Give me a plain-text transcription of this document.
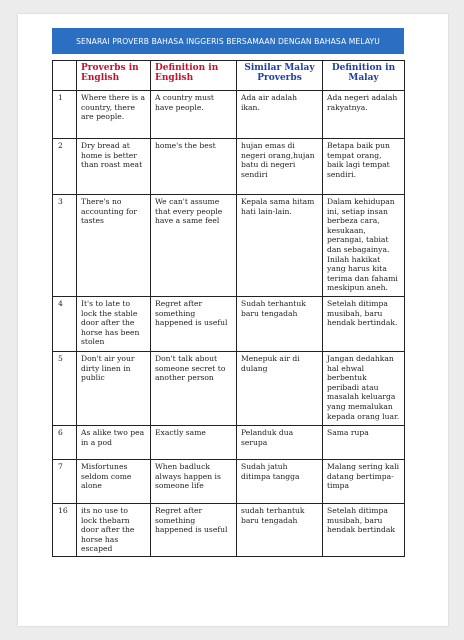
SENARAI PROVERB BAHASA INGGERIS BERSAMAAN DENGAN BAHASA MELAYU
	Proverbs in English	Definition in English	Similar Malay Proverbs	Definition in Malay
1	Where there is a country, there are people.	A country must have people.	Ada air adalah ikan.	Ada negeri adalah rakyatnya.
2	Dry bread at home is better than roast meat	home's the best	hujan emas di negeri orang,hujan batu di negeri sendiri	Betapa baik pun tempat orang, baik lagi tempat sendiri.
3	There's no accounting for tastes	We can't assume that every people have a same feel	Kepala sama hitam hati lain-lain.	Dalam kehidupan ini, setiap insan berbeza cara, kesukaan, perangai, tabiat dan sebagainya. Inilah hakikat yang harus kita terima dan fahami meskipun aneh.
4	It's to late to lock the stable door after the horse has been stolen	Regret after something happened is useful	Sudah terhantuk baru tengadah	Setelah ditimpa musibah, baru hendak bertindak.
5	Don't air your dirty linen in public	Don't talk about someone secret to another person	Menepuk air di dulang	Jangan dedahkan hal ehwal berbentuk peribadi atau masalah keluarga yang memalukan kepada orang luar.
6	As alike two pea in a pod	Exactly same	Pelanduk dua serupa	Sama rupa
7	Misfortunes seldom come alone	When badluck always happen is someone life	Sudah jatuh ditimpa tangga	Malang sering kali datang bertimpa-timpa
16	its no use to lock thebarn door after the horse has escaped	Regret after something happened is useful	sudah terhantuk baru tengadah	Setelah ditimpa musibah, baru hendak bertindak
